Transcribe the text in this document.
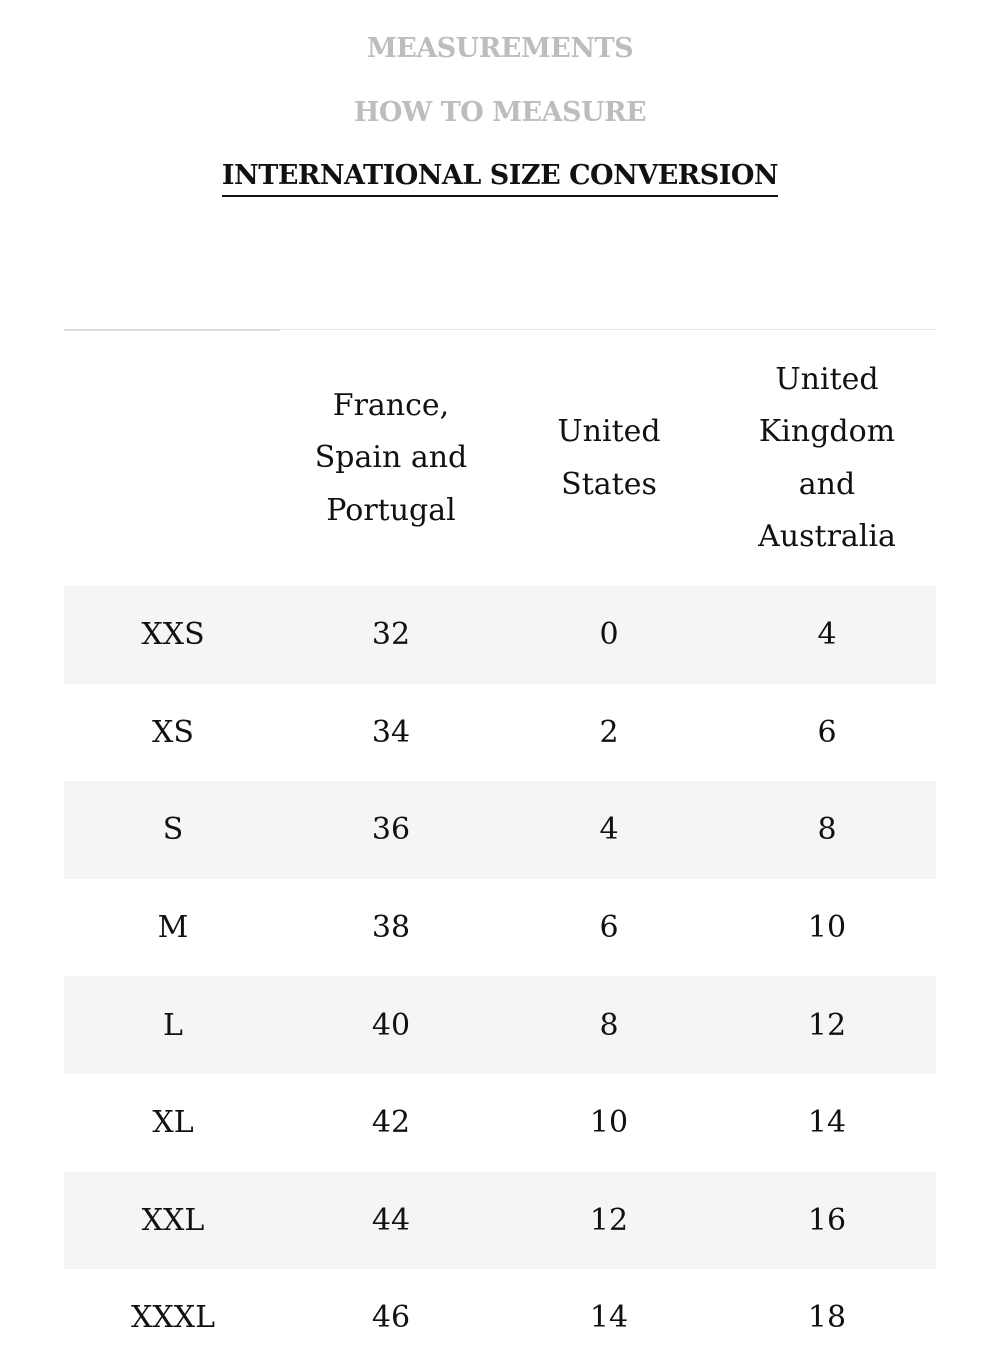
MEASUREMENTS
HOW TO MEASURE
INTERNATIONAL SIZE CONVERSION
	France, Spain and Portugal	United States	United Kingdom and Australia
XXS	32	0	4
XS	34	2	6
S	36	4	8
M	38	6	10
L	40	8	12
XL	42	10	14
XXL	44	12	16
XXXL	46	14	18
